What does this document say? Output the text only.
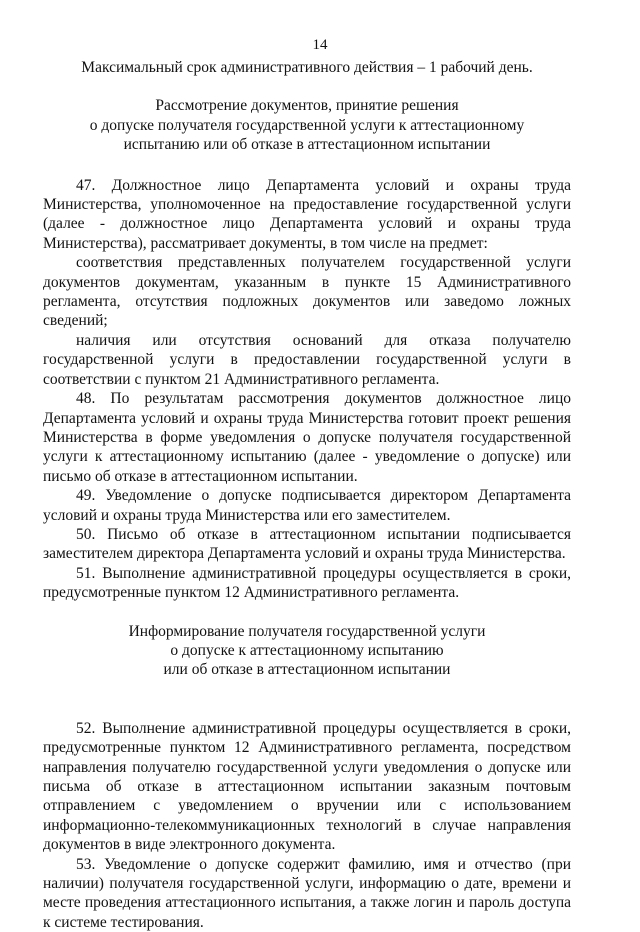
14

Максимальный срок административного действия – 1 рабочий день.

Рассмотрение документов, принятие решения
о допуске получателя государственной услуги к аттестационному
испытанию или об отказе в аттестационном испытании

47. Должностное лицо Департамента условий и охраны труда Министерства, уполномоченное на предоставление государственной услуги (далее - должностное лицо Департамента условий и охраны труда Министерства), рассматривает документы, в том числе на предмет:

соответствия представленных получателем государственной услуги документов документам, указанным в пункте 15 Административного регламента, отсутствия подложных документов или заведомо ложных сведений;

наличия или отсутствия оснований для отказа получателю государственной услуги в предоставлении государственной услуги в соответствии с пунктом 21 Административного регламента.

48. По результатам рассмотрения документов должностное лицо Департамента условий и охраны труда Министерства готовит проект решения Министерства в форме уведомления о допуске получателя государственной услуги к аттестационному испытанию (далее - уведомление о допуске) или письмо об отказе в аттестационном испытании.

49. Уведомление о допуске подписывается директором Департамента условий и охраны труда Министерства или его заместителем.

50. Письмо об отказе в аттестационном испытании подписывается заместителем директора Департамента условий и охраны труда Министерства.

51. Выполнение административной процедуры осуществляется в сроки, предусмотренные пунктом 12 Административного регламента.

Информирование получателя государственной услуги
о допуске к аттестационному испытанию
или об отказе в аттестационном испытании

52. Выполнение административной процедуры осуществляется в сроки, предусмотренные пунктом 12 Административного регламента, посредством направления получателю государственной услуги уведомления о допуске или письма об отказе в аттестационном испытании заказным почтовым отправлением с уведомлением о вручении или с использованием информационно-телекоммуникационных технологий в случае направления документов в виде электронного документа.

53. Уведомление о допуске содержит фамилию, имя и отчество (при наличии) получателя государственной услуги, информацию о дате, времени и месте проведения аттестационного испытания, а также логин и пароль доступа к системе тестирования.
